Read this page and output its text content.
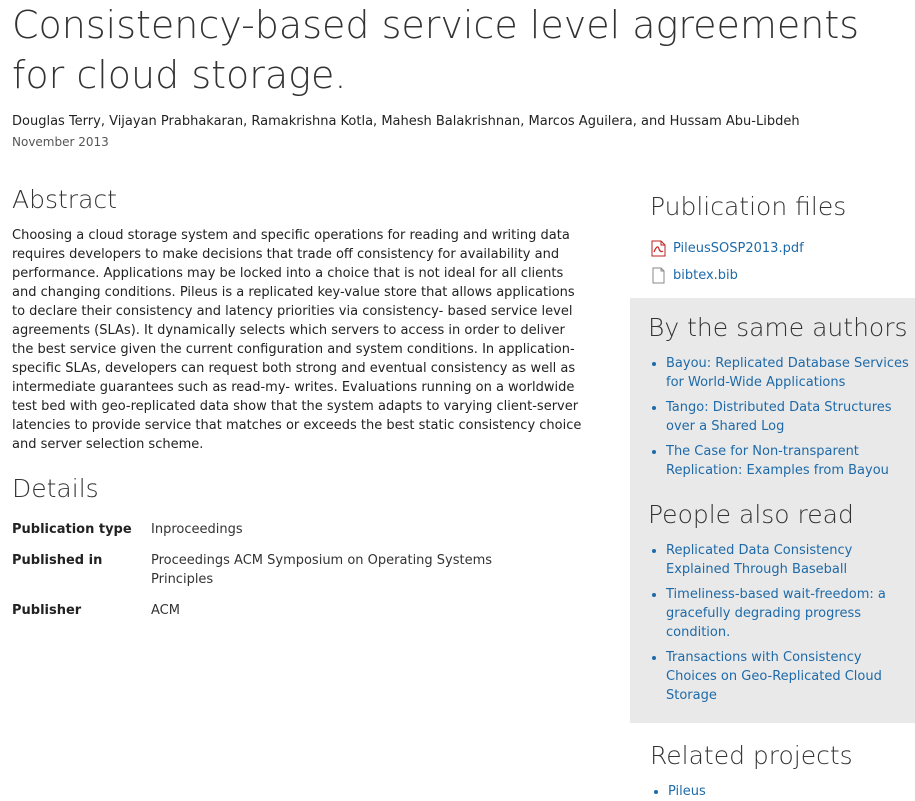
Consistency-based service level agreements for cloud storage.
Douglas Terry, Vijayan Prabhakaran, Ramakrishna Kotla, Mahesh Balakrishnan, Marcos Aguilera, and Hussam Abu-Libdeh
November 2013
Abstract

Choosing a cloud storage system and specific operations for reading and writing data requires developers to make decisions that trade off consistency for availability and performance. Applications may be locked into a choice that is not ideal for all clients and changing conditions. Pileus is a replicated key-value store that allows applications to declare their consistency and latency priorities via consistency- based service level agreements (SLAs). It dynamically selects which servers to access in order to deliver the best service given the current configuration and system conditions. In application-specific SLAs, developers can request both strong and eventual consistency as well as intermediate guarantees such as read-my- writes. Evaluations running on a worldwide test bed with geo-replicated data show that the system adapts to varying client-server latencies to provide service that matches or exceeds the best static consistency choice and server selection scheme.

Details
Publication type	Inproceedings
Published in	Proceedings ACM Symposium on Operating Systems Principles
Publisher	ACM
Publication files
PileusSOSP2013.pdf
bibtex.bib
By the same authors
• Bayou: Replicated Database Services for World-Wide Applications
• Tango: Distributed Data Structures over a Shared Log
• The Case for Non-transparent Replication: Examples from Bayou
People also read
• Replicated Data Consistency Explained Through Baseball
• Timeliness-based wait-freedom: a gracefully degrading progress condition.
• Transactions with Consistency Choices on Geo-Replicated Cloud Storage
Related projects
• Pileus
